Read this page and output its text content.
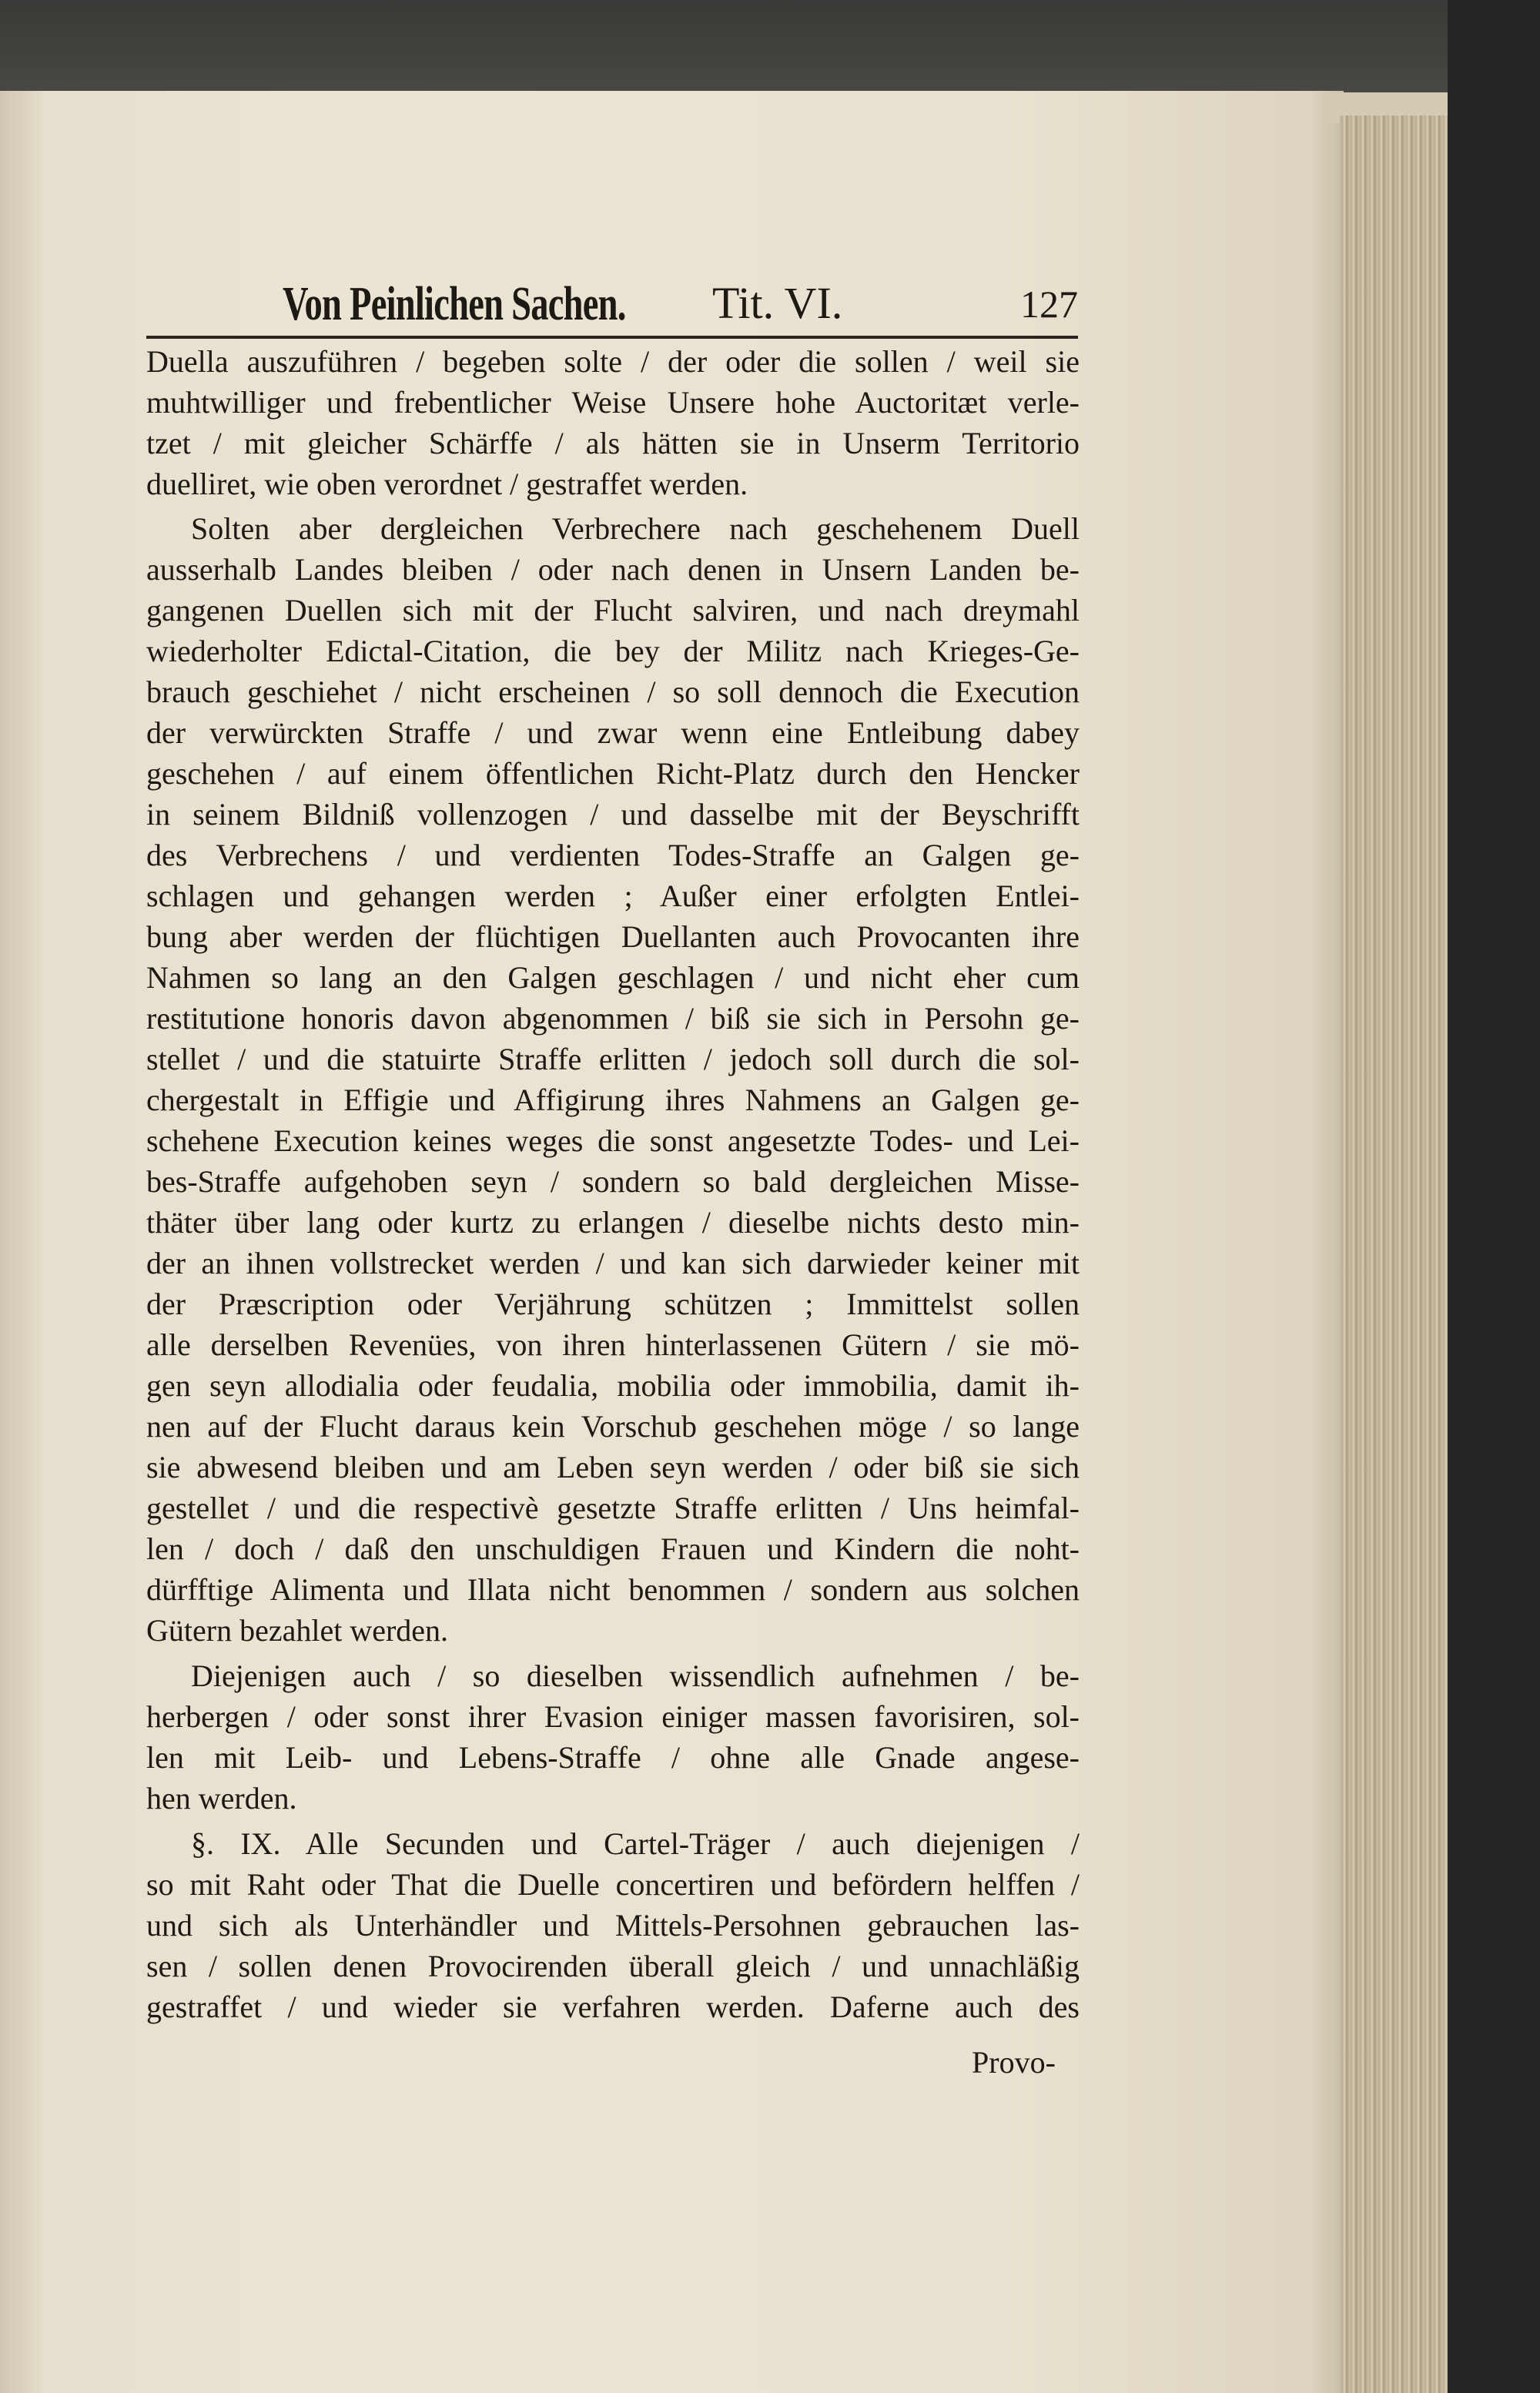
Von Peinlichen Sachen. Tit. VI.	127
Duella auszuführen / begeben solte / der oder die sollen / weil sie
muhtwilliger und frebentlicher Weise Unsere hohe Auctoritæt verle-
tzet / mit gleicher Schärffe / als hätten sie in Unserm Territorio
duelliret, wie oben verordnet / gestraffet werden.
Solten aber dergleichen Verbrechere nach geschehenem Duell
ausserhalb Landes bleiben / oder nach denen in Unsern Landen be-
gangenen Duellen sich mit der Flucht salviren, und nach dreymahl
wiederholter Edictal-Citation, die bey der Militz nach Krieges-Ge-
brauch geschiehet / nicht erscheinen / so soll dennoch die Execution
der verwürckten Straffe / und zwar wenn eine Entleibung dabey
geschehen / auf einem öffentlichen Richt-Platz durch den Hencker
in seinem Bildniß vollenzogen / und dasselbe mit der Beyschrifft
des Verbrechens / und verdienten Todes-Straffe an Galgen ge-
schlagen und gehangen werden ; Außer einer erfolgten Entlei-
bung aber werden der flüchtigen Duellanten auch Provocanten ihre
Nahmen so lang an den Galgen geschlagen / und nicht eher cum
restitutione honoris davon abgenommen / biß sie sich in Persohn ge-
stellet / und die statuirte Straffe erlitten / jedoch soll durch die sol-
chergestalt in Effigie und Affigirung ihres Nahmens an Galgen ge-
schehene Execution keines weges die sonst angesetzte Todes- und Lei-
bes-Straffe aufgehoben seyn / sondern so bald dergleichen Misse-
thäter über lang oder kurtz zu erlangen / dieselbe nichts desto min-
der an ihnen vollstrecket werden / und kan sich darwieder keiner mit
der Præscription oder Verjährung schützen ; Immittelst sollen
alle derselben Revenües, von ihren hinterlassenen Gütern / sie mö-
gen seyn allodialia oder feudalia, mobilia oder immobilia, damit ih-
nen auf der Flucht daraus kein Vorschub geschehen möge / so lange
sie abwesend bleiben und am Leben seyn werden / oder biß sie sich
gestellet / und die respectivè gesetzte Straffe erlitten / Uns heimfal-
len / doch / daß den unschuldigen Frauen und Kindern die noht-
dürfftige Alimenta und Illata nicht benommen / sondern aus solchen
Gütern bezahlet werden.
Diejenigen auch / so dieselben wissendlich aufnehmen / be-
herbergen / oder sonst ihrer Evasion einiger massen favorisiren, sol-
len mit Leib- und Lebens-Straffe / ohne alle Gnade angese-
hen werden.
§. IX. Alle Secunden und Cartel-Träger / auch diejenigen /
so mit Raht oder That die Duelle concertiren und befördern helffen /
und sich als Unterhändler und Mittels-Persohnen gebrauchen las-
sen / sollen denen Provocirenden überall gleich / und unnachläßig
gestraffet / und wieder sie verfahren werden. Daferne auch des
Provo-
